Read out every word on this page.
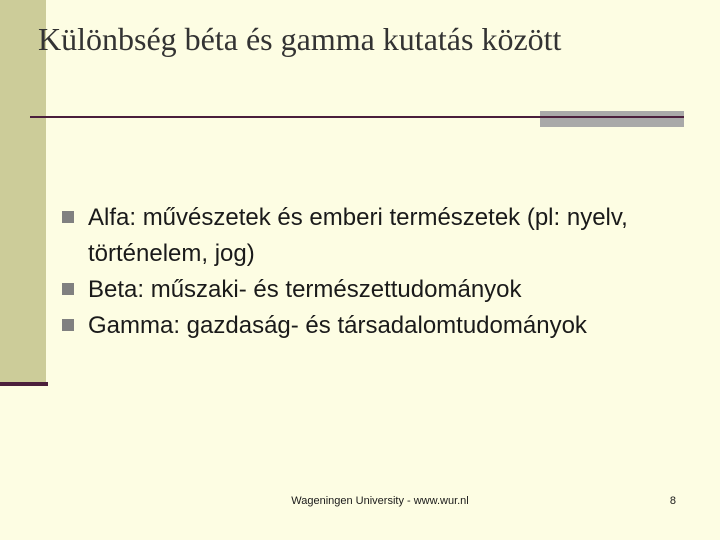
Különbség béta és gamma kutatás között
Alfa: művészetek és emberi természetek (pl: nyelv, történelem, jog)
Beta: műszaki- és természettudományok
Gamma: gazdaság- és társadalomtudományok
Wageningen University - www.wur.nl	8
